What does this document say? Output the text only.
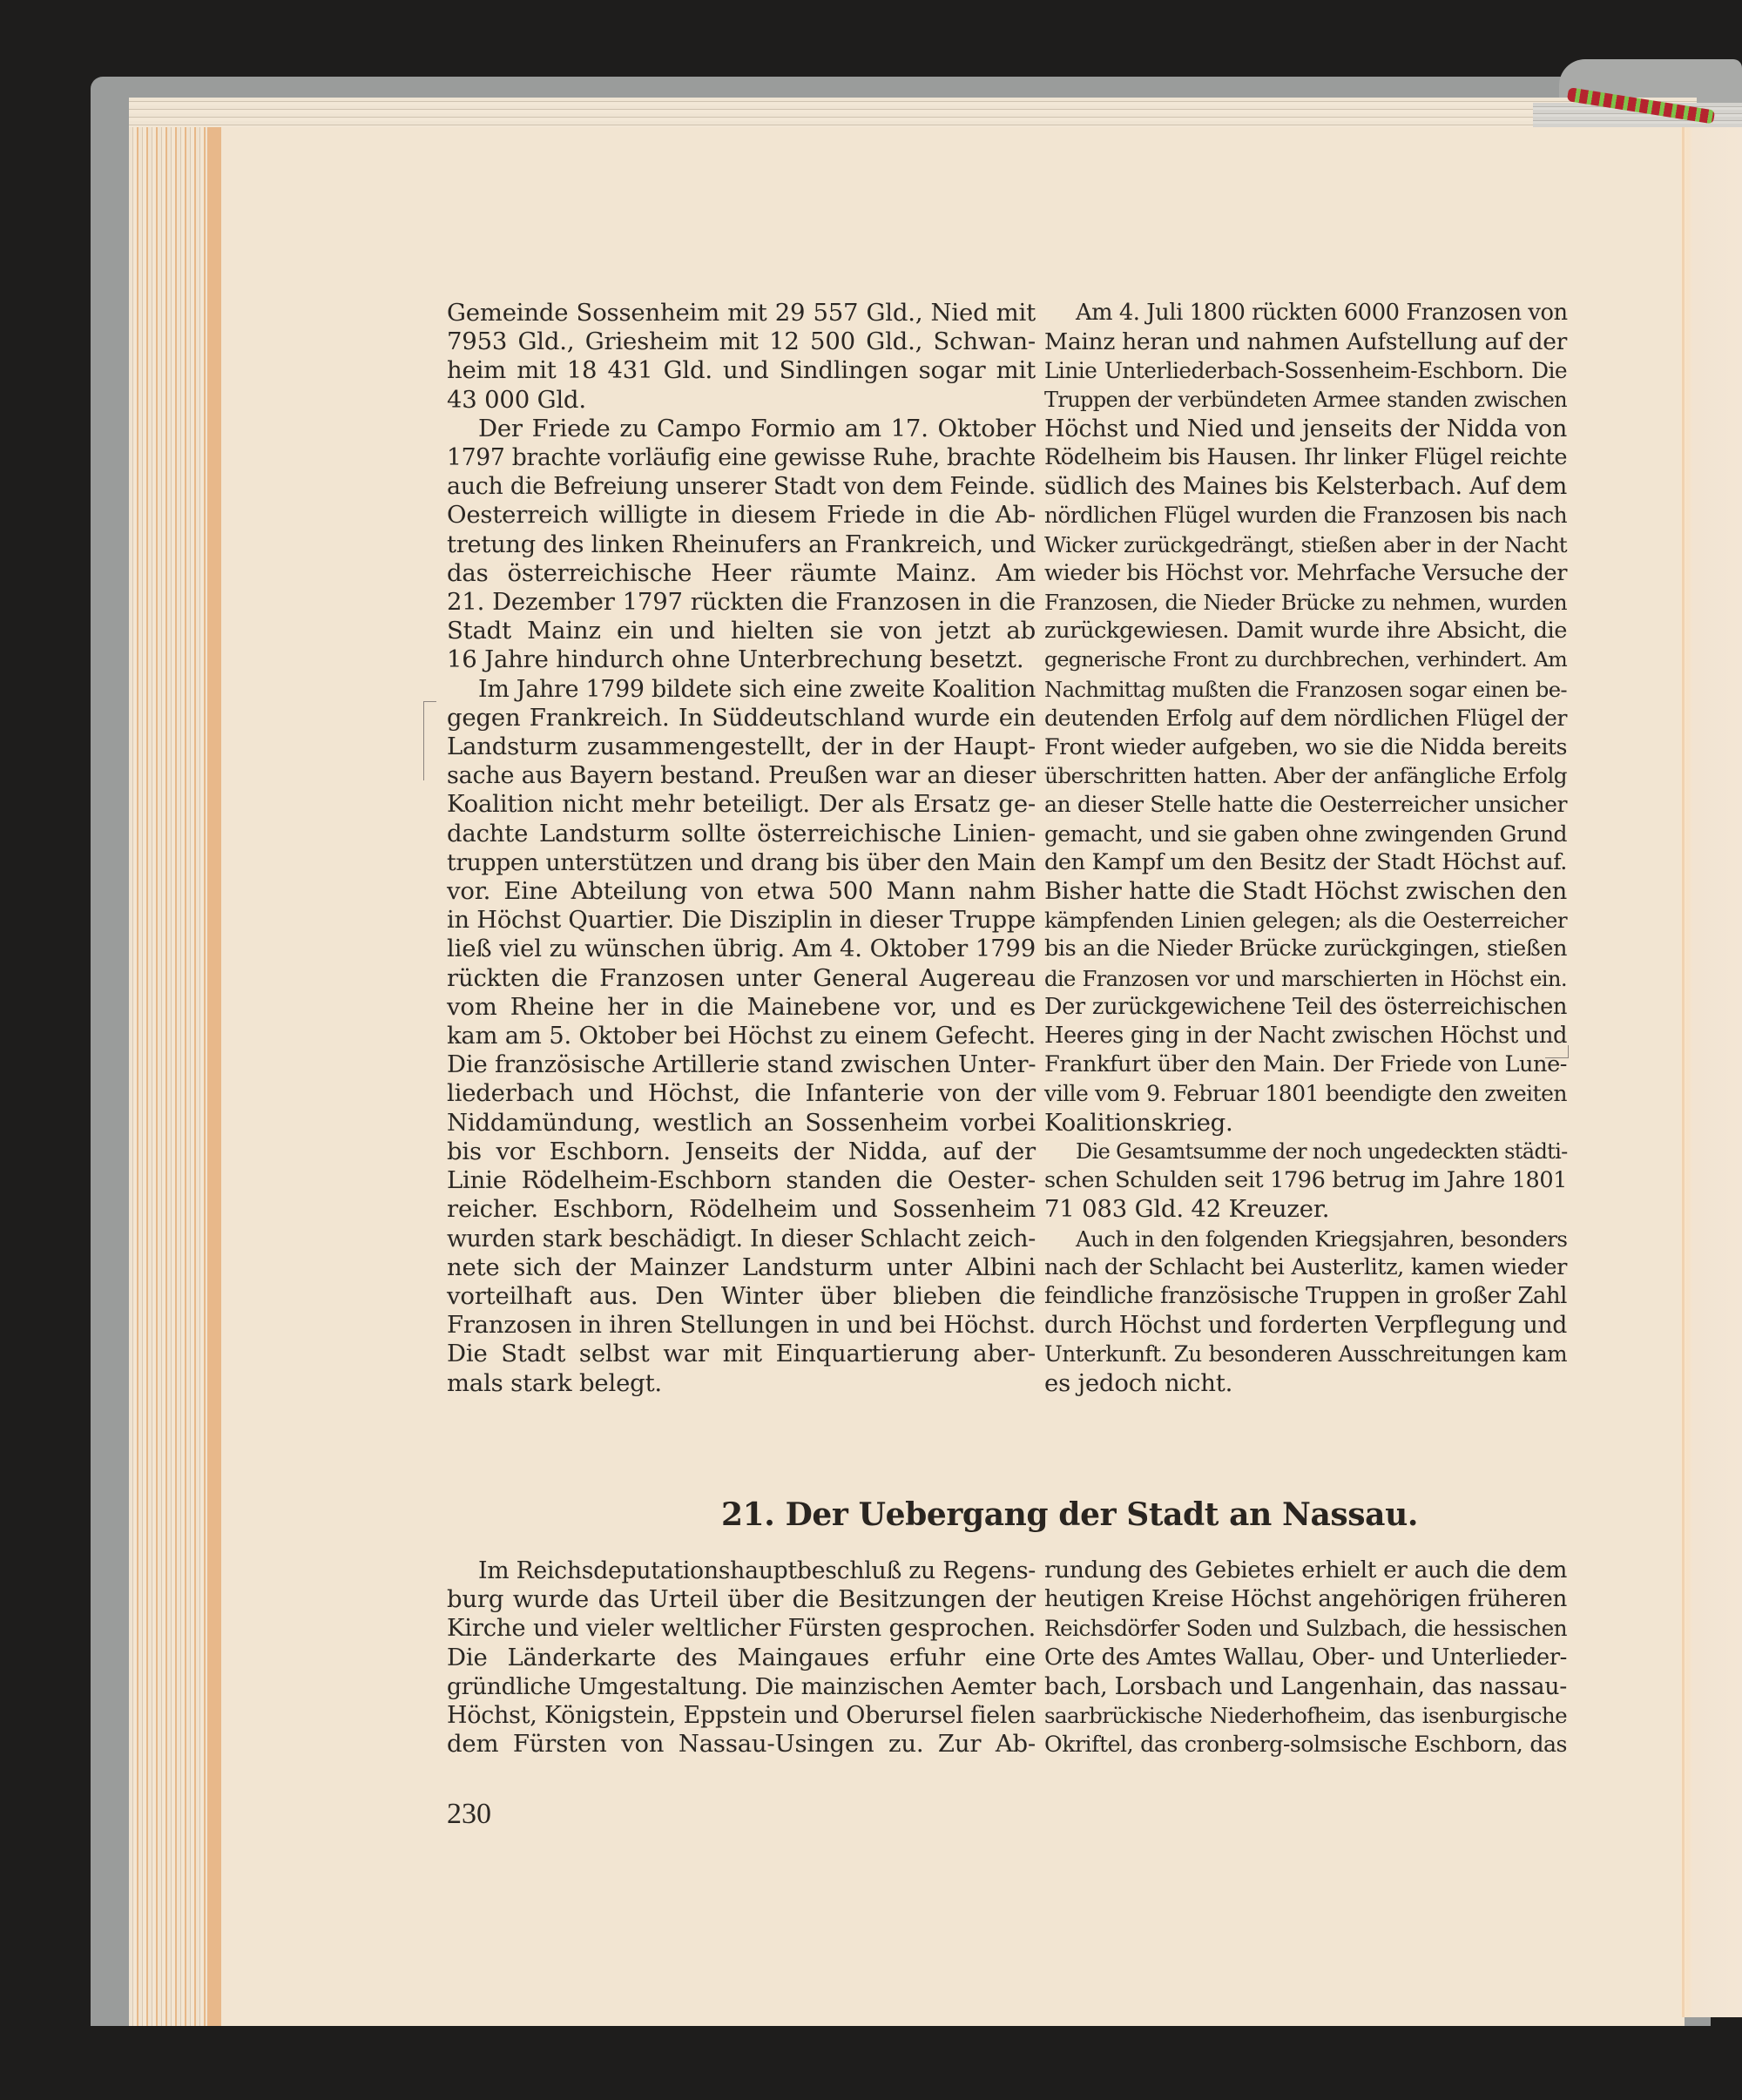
Gemeinde Sossenheim mit 29 557 Gld., Nied mit
7953 Gld., Griesheim mit 12 500 Gld., Schwan-
heim mit 18 431 Gld. und Sindlingen sogar mit
43 000 Gld.
Der Friede zu Campo Formio am 17. Oktober
1797 brachte vorläufig eine gewisse Ruhe, brachte
auch die Befreiung unserer Stadt von dem Feinde.
Oesterreich willigte in diesem Friede in die Ab-
tretung des linken Rheinufers an Frankreich, und
das österreichische Heer räumte Mainz. Am
21. Dezember 1797 rückten die Franzosen in die
Stadt Mainz ein und hielten sie von jetzt ab
16 Jahre hindurch ohne Unterbrechung besetzt.
Im Jahre 1799 bildete sich eine zweite Koalition
gegen Frankreich. In Süddeutschland wurde ein
Landsturm zusammengestellt, der in der Haupt-
sache aus Bayern bestand. Preußen war an dieser
Koalition nicht mehr beteiligt. Der als Ersatz ge-
dachte Landsturm sollte österreichische Linien-
truppen unterstützen und drang bis über den Main
vor. Eine Abteilung von etwa 500 Mann nahm
in Höchst Quartier. Die Disziplin in dieser Truppe
ließ viel zu wünschen übrig. Am 4. Oktober 1799
rückten die Franzosen unter General Augereau
vom Rheine her in die Mainebene vor, und es
kam am 5. Oktober bei Höchst zu einem Gefecht.
Die französische Artillerie stand zwischen Unter-
liederbach und Höchst, die Infanterie von der
Niddamündung, westlich an Sossenheim vorbei
bis vor Eschborn. Jenseits der Nidda, auf der
Linie Rödelheim-Eschborn standen die Oester-
reicher. Eschborn, Rödelheim und Sossenheim
wurden stark beschädigt. In dieser Schlacht zeich-
nete sich der Mainzer Landsturm unter Albini
vorteilhaft aus. Den Winter über blieben die
Franzosen in ihren Stellungen in und bei Höchst.
Die Stadt selbst war mit Einquartierung aber-
mals stark belegt.
Am 4. Juli 1800 rückten 6000 Franzosen von
Mainz heran und nahmen Aufstellung auf der
Linie Unterliederbach-Sossenheim-Eschborn. Die
Truppen der verbündeten Armee standen zwischen
Höchst und Nied und jenseits der Nidda von
Rödelheim bis Hausen. Ihr linker Flügel reichte
südlich des Maines bis Kelsterbach. Auf dem
nördlichen Flügel wurden die Franzosen bis nach
Wicker zurückgedrängt, stießen aber in der Nacht
wieder bis Höchst vor. Mehrfache Versuche der
Franzosen, die Nieder Brücke zu nehmen, wurden
zurückgewiesen. Damit wurde ihre Absicht, die
gegnerische Front zu durchbrechen, verhindert. Am
Nachmittag mußten die Franzosen sogar einen be-
deutenden Erfolg auf dem nördlichen Flügel der
Front wieder aufgeben, wo sie die Nidda bereits
überschritten hatten. Aber der anfängliche Erfolg
an dieser Stelle hatte die Oesterreicher unsicher
gemacht, und sie gaben ohne zwingenden Grund
den Kampf um den Besitz der Stadt Höchst auf.
Bisher hatte die Stadt Höchst zwischen den
kämpfenden Linien gelegen; als die Oesterreicher
bis an die Nieder Brücke zurückgingen, stießen
die Franzosen vor und marschierten in Höchst ein.
Der zurückgewichene Teil des österreichischen
Heeres ging in der Nacht zwischen Höchst und
Frankfurt über den Main. Der Friede von Lune-
ville vom 9. Februar 1801 beendigte den zweiten
Koalitionskrieg.
Die Gesamtsumme der noch ungedeckten städti-
schen Schulden seit 1796 betrug im Jahre 1801
71 083 Gld. 42 Kreuzer.
Auch in den folgenden Kriegsjahren, besonders
nach der Schlacht bei Austerlitz, kamen wieder
feindliche französische Truppen in großer Zahl
durch Höchst und forderten Verpflegung und
Unterkunft. Zu besonderen Ausschreitungen kam
es jedoch nicht.
21. Der Uebergang der Stadt an Nassau.
Im Reichsdeputationshauptbeschluß zu Regens-
burg wurde das Urteil über die Besitzungen der
Kirche und vieler weltlicher Fürsten gesprochen.
Die Länderkarte des Maingaues erfuhr eine
gründliche Umgestaltung. Die mainzischen Aemter
Höchst, Königstein, Eppstein und Oberursel fielen
dem Fürsten von Nassau-Usingen zu. Zur Ab-
rundung des Gebietes erhielt er auch die dem
heutigen Kreise Höchst angehörigen früheren
Reichsdörfer Soden und Sulzbach, die hessischen
Orte des Amtes Wallau, Ober- und Unterlieder-
bach, Lorsbach und Langenhain, das nassau-
saarbrückische Niederhofheim, das isenburgische
Okriftel, das cronberg-solmsische Eschborn, das
230
